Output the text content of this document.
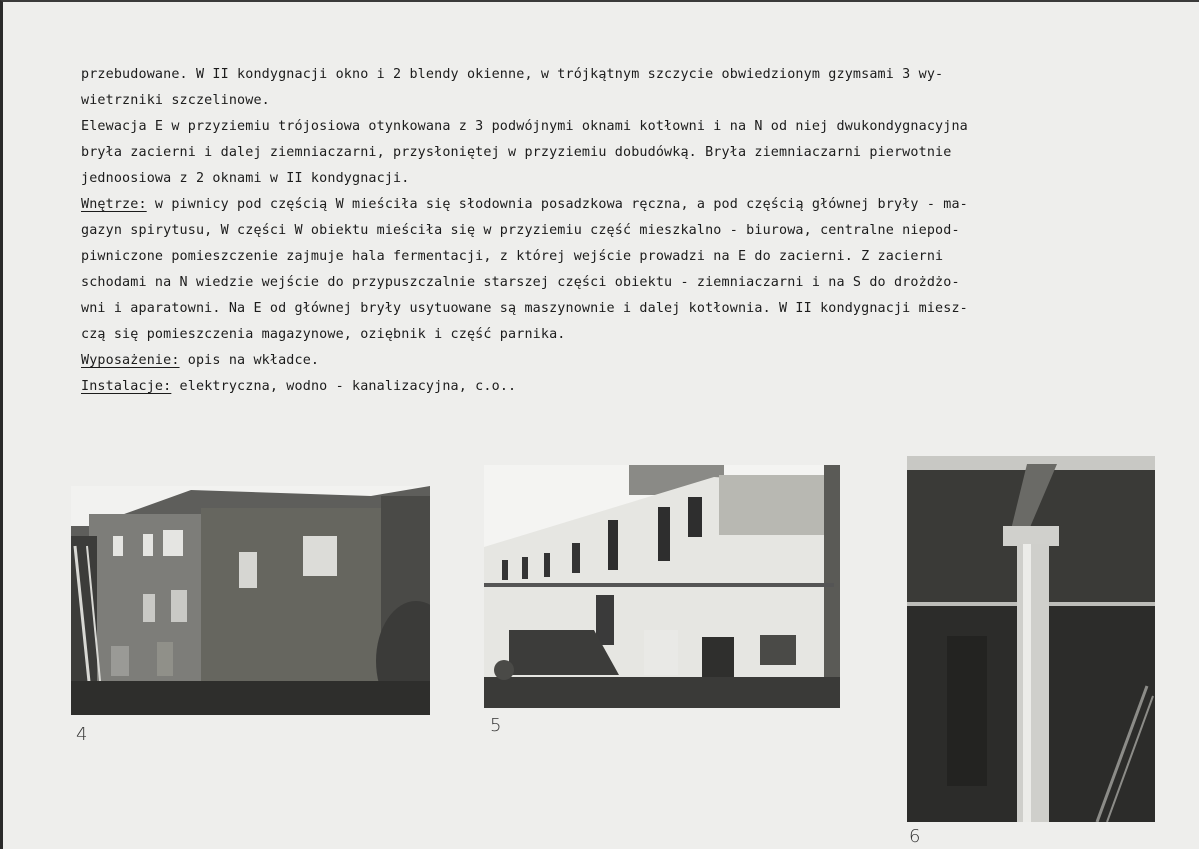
przebudowane. W II kondygnacji okno i 2 blendy okienne, w trójkątnym szczycie obwiedzionym gzymsami 3 wy-
wietrzniki szczelinowe.
Elewacja E w przyziemiu trójosiowa otynkowana z 3 podwójnymi oknami kotłowni i na N od niej dwukondygnacyjna
bryła zacierni i dalej ziemniaczarni, przysłoniętej w przyziemiu dobudówką. Bryła ziemniaczarni pierwotnie
jednoosiowa z 2 oknami w II kondygnacji.
Wnętrze: w piwnicy pod częścią W mieściła się słodownia posadzkowa ręczna, a pod częścią głównej bryły - ma-
gazyn spirytusu, W części W obiektu mieściła się w przyziemiu część mieszkalno - biurowa, centralne niepod-
piwniczone pomieszczenie zajmuje hala fermentacji, z której wejście prowadzi na E do zacierni. Z zacierni
schodami na N wiedzie wejście do przypuszczalnie starszej części obiektu - ziemniaczarni i na S do drożdżo-
wni i aparatowni. Na E od głównej bryły usytuowane są maszynownie i dalej kotłownia. W II kondygnacji miesz-
czą się pomieszczenia magazynowe, oziębnik i część parnika.
Wyposażenie: opis na wkładce.
Instalacje: elektryczna, wodno - kanalizacyjna, c.o..
4	5
6
